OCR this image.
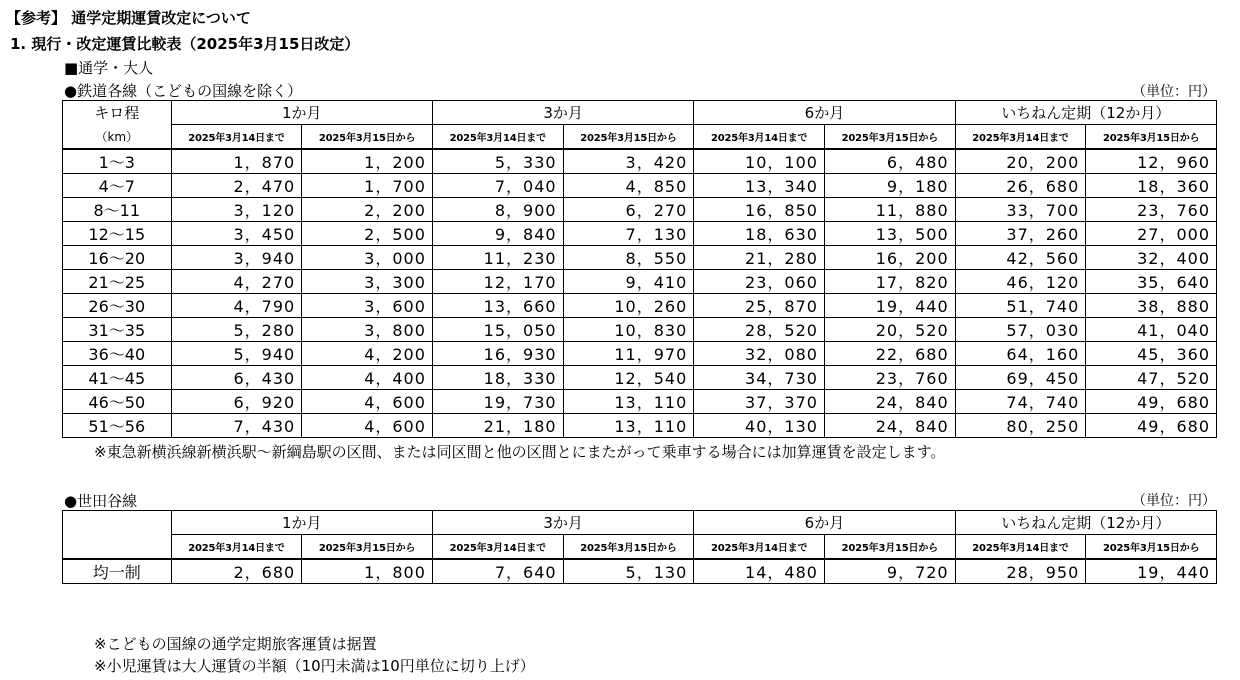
【参考】 通学定期運賃改定について
1. 現行・改定運賃比較表（2025年3月15日改定）
■通学・大人
●鉄道各線（こどもの国線を除く）	（単位：円）
キロ程	1か月		3か月		6か月		いちねん定期（12か月）	
（km）	2025年3月14日まで	2025年3月15日から	2025年3月14日まで	2025年3月15日から	2025年3月14日まで	2025年3月15日から	2025年3月14日まで	2025年3月15日から
1～3	1，870	1，200	5，330	3，420	10，100	6，480	20，200	12，960
4～7	2，470	1，700	7，040	4，850	13，340	9，180	26，680	18，360
8～11	3，120	2，200	8，900	6，270	16，850	11，880	33，700	23，760
12～15	3，450	2，500	9，840	7，130	18，630	13，500	37，260	27，000
16～20	3，940	3，000	11，230	8，550	21，280	16，200	42，560	32，400
21～25	4，270	3，300	12，170	9，410	23，060	17，820	46，120	35，640
26～30	4，790	3，600	13，660	10，260	25，870	19，440	51，740	38，880
31～35	5，280	3，800	15，050	10，830	28，520	20，520	57，030	41，040
36～40	5，940	4，200	16，930	11，970	32，080	22，680	64，160	45，360
41～45	6，430	4，400	18，330	12，540	34，730	23，760	69，450	47，520
46～50	6，920	4，600	19，730	13，110	37，370	24，840	74，740	49，680
51～56	7，430	4，600	21，180	13，110	40，130	24，840	80，250	49，680
※東急新横浜線新横浜駅～新綱島駅の区間、または同区間と他の区間とにまたがって乗車する場合には加算運賃を設定します。
●世田谷線	（単位：円）
	1か月		3か月		6か月		いちねん定期（12か月）	
	2025年3月14日まで	2025年3月15日から	2025年3月14日まで	2025年3月15日から	2025年3月14日まで	2025年3月15日から	2025年3月14日まで	2025年3月15日から
均一制	2，680	1，800	7，640	5，130	14，480	9，720	28，950	19，440
※こどもの国線の通学定期旅客運賃は据置
※小児運賃は大人運賃の半額（10円未満は10円単位に切り上げ）
